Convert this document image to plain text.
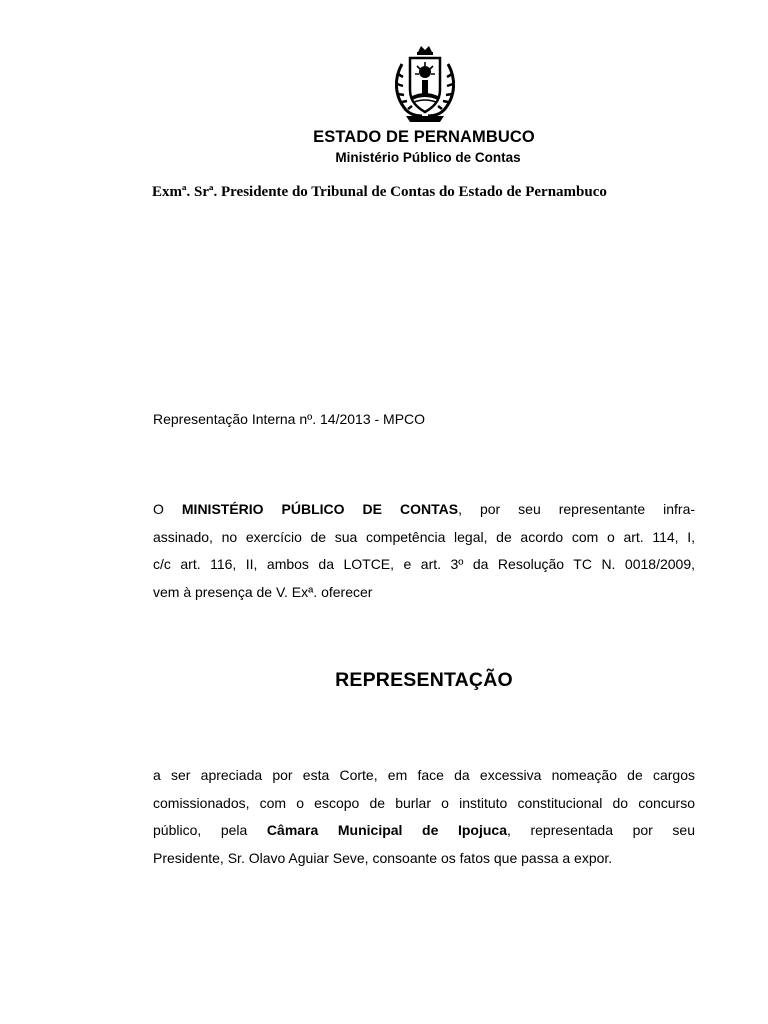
ESTADO DE PERNAMBUCO
Ministério Público de Contas
Exmª. Srª. Presidente do Tribunal de Contas do Estado de Pernambuco
Representação Interna nº. 14/2013 - MPCO
O MINISTÉRIO PÚBLICO DE CONTAS, por seu representante infra-
assinado, no exercício de sua competência legal, de acordo com o art. 114, I,
c/c art. 116, II, ambos da LOTCE, e art. 3º da Resolução TC N. 0018/2009,
vem à presença de V. Exª. oferecer
REPRESENTAÇÃO
a ser apreciada por esta Corte, em face da excessiva nomeação de cargos
comissionados, com o escopo de burlar o instituto constitucional do concurso
público, pela Câmara Municipal de Ipojuca, representada por seu
Presidente, Sr. Olavo Aguiar Seve, consoante os fatos que passa a expor.
